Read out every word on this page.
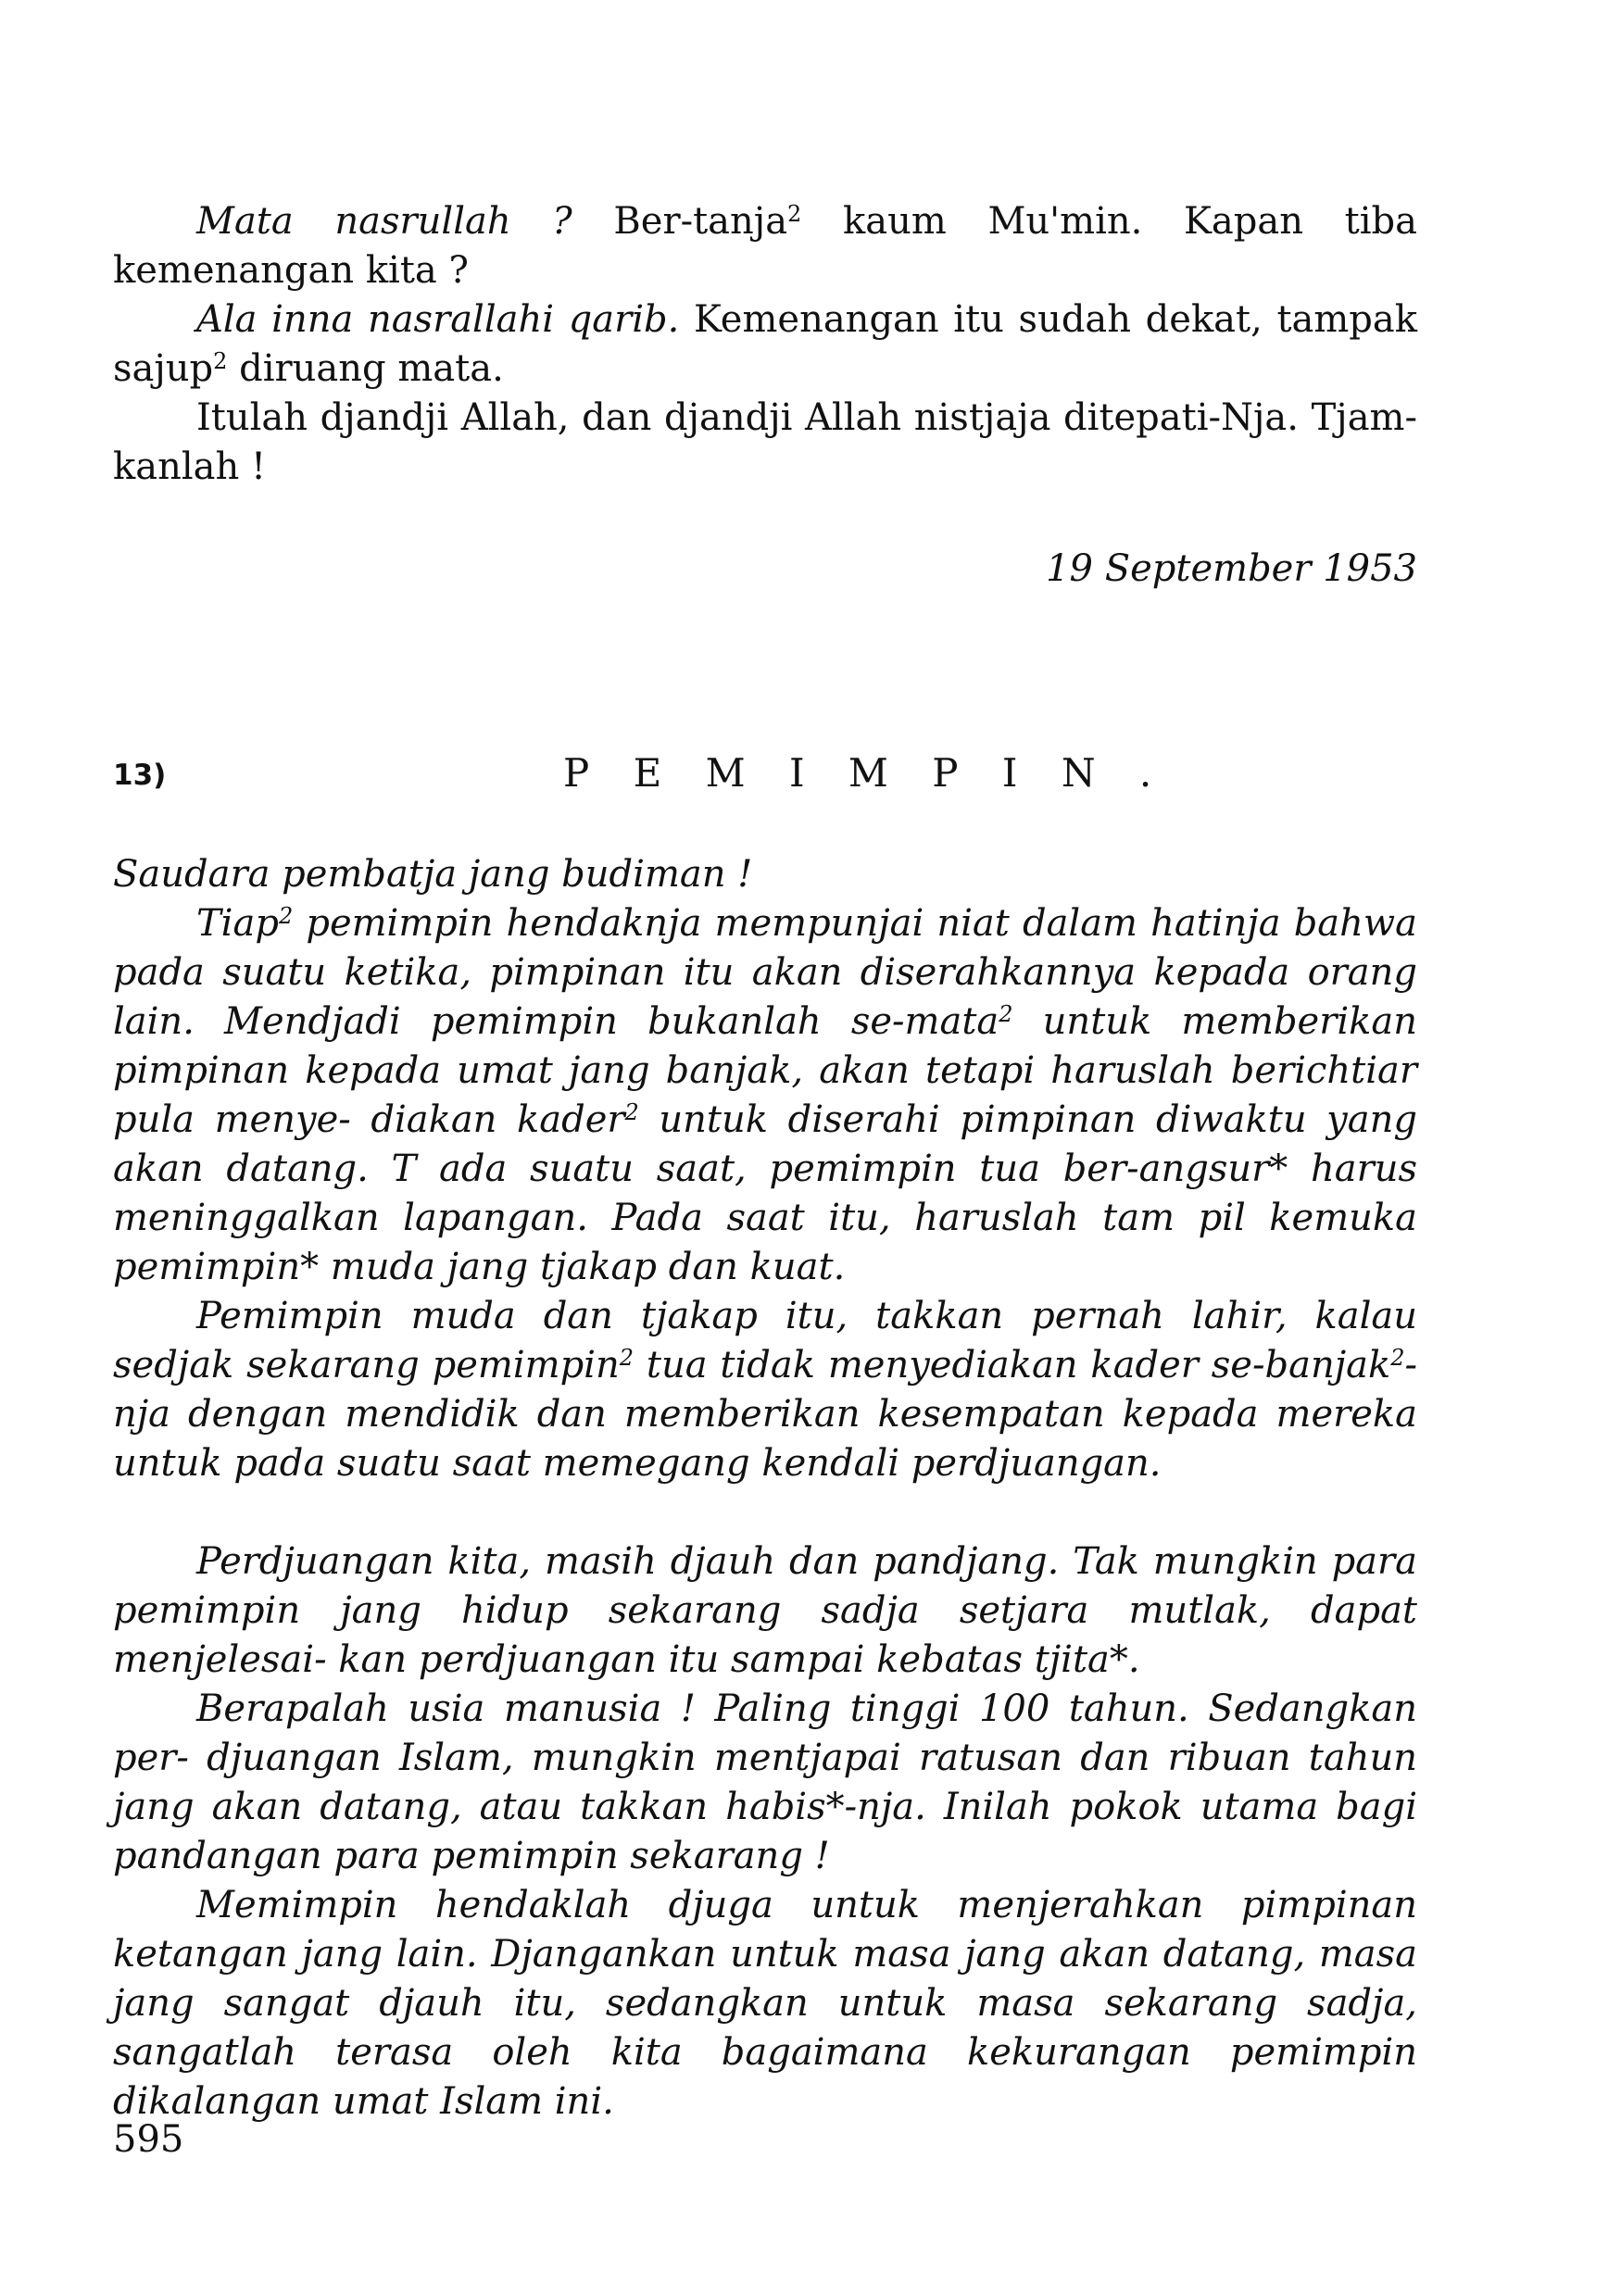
Mata nasrullah ? Ber-tanja$^2$ kaum Mu'min. Kapan tiba kemenangan kita ?

Ala inna nasrallahi qarib. Kemenangan itu sudah dekat, tampak sajup$^2$ diruang mata.

Itulah djandji Allah, dan djandji Allah nistjaja ditepati-Nja. Tjam- kanlah !

19 September 1953
13)	P E M I M P I N .

Saudara pembatja jang budiman !

Tiap$^2$ pemimpin hendaknja mempunjai niat dalam hatinja bahwa pada suatu ketika, pimpinan itu akan diserahkannya kepada orang lain. Mendjadi pemimpin bukanlah se-mata$^2$ untuk memberikan pimpinan kepada umat jang banjak, akan tetapi haruslah berichtiar pula menye- diakan kader$^2$ untuk diserahi pimpinan diwaktu yang akan datang. T ada suatu saat, pemimpin tua ber-angsur* harus meninggalkan lapangan. Pada saat itu, haruslah tam pil kemuka pemimpin* muda jang tjakap dan kuat.

Pemimpin muda dan tjakap itu, takkan pernah lahir, kalau sedjak sekarang pemimpin$^2$ tua tidak menyediakan kader se-banjak$^2$-nja dengan mendidik dan memberikan kesempatan kepada mereka untuk pada suatu saat memegang kendali perdjuangan.

Perdjuangan kita, masih djauh dan pandjang. Tak mungkin para pemimpin jang hidup sekarang sadja setjara mutlak, dapat menjelesai- kan perdjuangan itu sampai kebatas tjita*.

Berapalah usia manusia ! Paling tinggi 100 tahun. Sedangkan per- djuangan Islam, mungkin mentjapai ratusan dan ribuan tahun jang akan datang, atau takkan habis*-nja. Inilah pokok utama bagi pandangan para pemimpin sekarang !

Memimpin hendaklah djuga untuk menjerahkan pimpinan ketangan jang lain. Djangankan untuk masa jang akan datang, masa jang sangat djauh itu, sedangkan untuk masa sekarang sadja, sangatlah terasa oleh kita bagaimana kekurangan pemimpin dikalangan umat Islam ini.

595
